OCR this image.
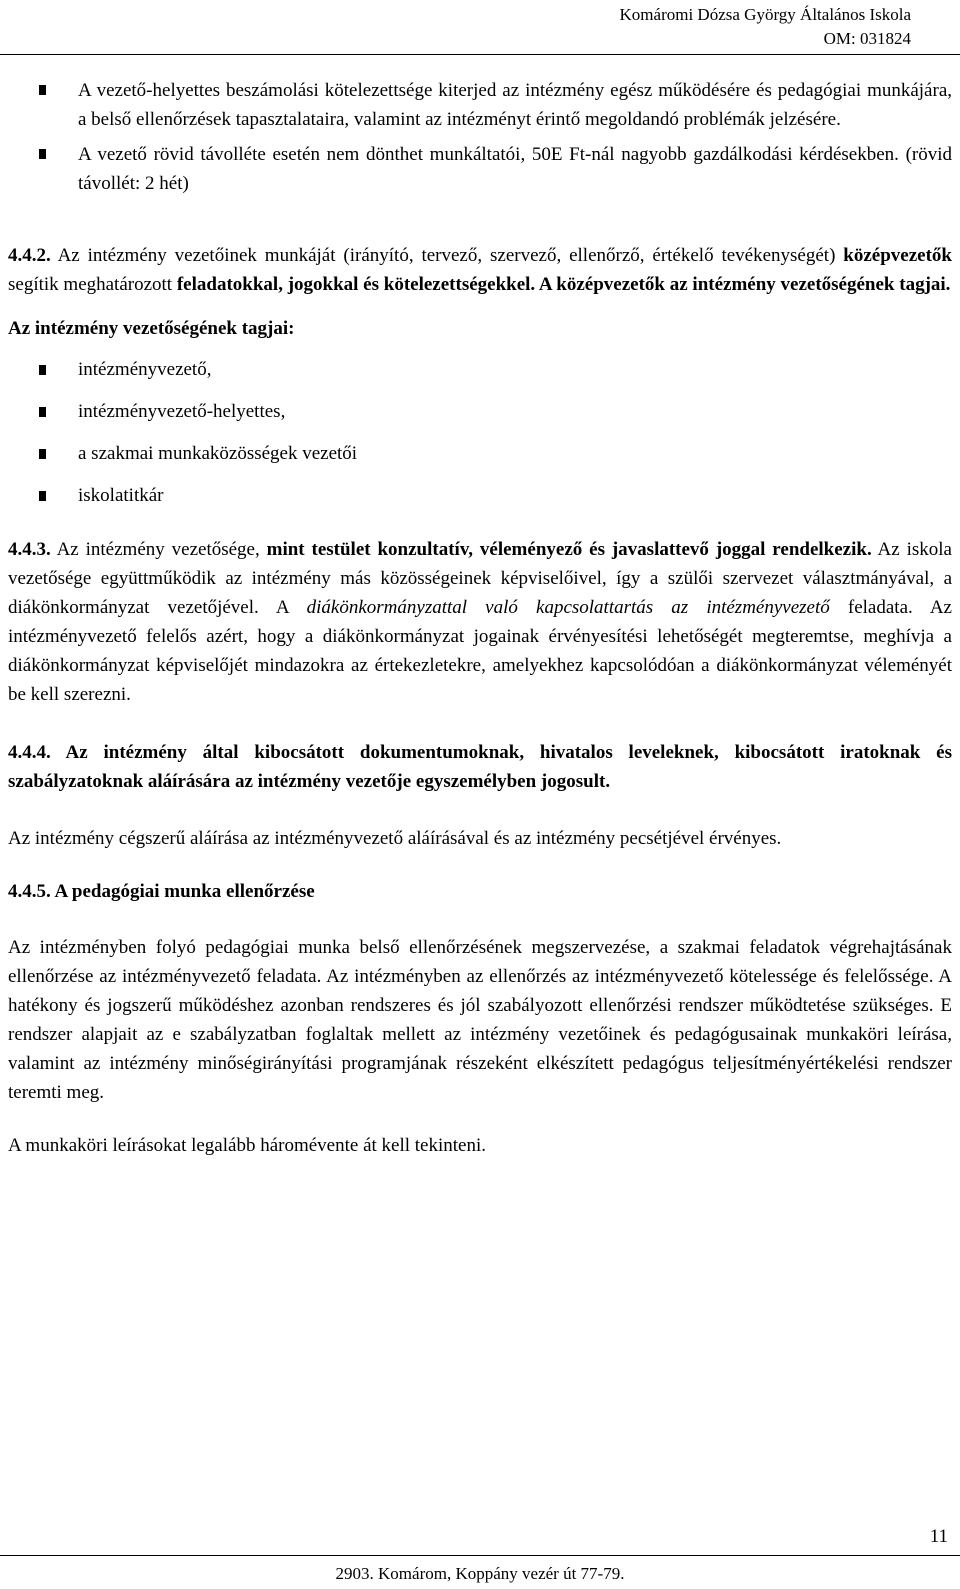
Komáromi Dózsa György Általános Iskola
OM: 031824
A vezető-helyettes beszámolási kötelezettsége kiterjed az intézmény egész működésére és pedagógiai munkájára, a belső ellenőrzések tapasztalataira, valamint az intézményt érintő megoldandó problémák jelzésére.
A vezető rövid távolléte esetén nem dönthet munkáltatói, 50E Ft-nál nagyobb gazdálkodási kérdésekben. (rövid távollét: 2 hét)

4.4.2. Az intézmény vezetőinek munkáját (irányító, tervező, szervező, ellenőrző, értékelő tevékenységét) középvezetők segítik meghatározott feladatokkal, jogokkal és kötelezettségekkel. A középvezetők az intézmény vezetőségének tagjai.

Az intézmény vezetőségének tagjai:

intézményvezető,
intézményvezető-helyettes,
a szakmai munkaközösségek vezetői
iskolatitkár

4.4.3. Az intézmény vezetősége, mint testület konzultatív, véleményező és javaslattevő joggal rendelkezik. Az iskola vezetősége együttműködik az intézmény más közösségeinek képviselőivel, így a szülői szervezet választmányával, a diákönkormányzat vezetőjével. A diákönkormányzattal való kapcsolattartás az intézményvezető feladata. Az intézményvezető felelős azért, hogy a diákönkormányzat jogainak érvényesítési lehetőségét megteremtse, meghívja a diákönkormányzat képviselőjét mindazokra az értekezletekre, amelyekhez kapcsolódóan a diákönkormányzat véleményét be kell szerezni.

4.4.4. Az intézmény által kibocsátott dokumentumoknak, hivatalos leveleknek, kibocsátott iratoknak és szabályzatoknak aláírására az intézmény vezetője egyszemélyben jogosult.

Az intézmény cégszerű aláírása az intézményvezető aláírásával és az intézmény pecsétjével érvényes.

4.4.5. A pedagógiai munka ellenőrzése

Az intézményben folyó pedagógiai munka belső ellenőrzésének megszervezése, a szakmai feladatok végrehajtásának ellenőrzése az intézményvezető feladata. Az intézményben az ellenőrzés az intézményvezető kötelessége és felelőssége. A hatékony és jogszerű működéshez azonban rendszeres és jól szabályozott ellenőrzési rendszer működtetése szükséges. E rendszer alapjait az e szabályzatban foglaltak mellett az intézmény vezetőinek és pedagógusainak munkaköri leírása, valamint az intézmény minőségirányítási programjának részeként elkészített pedagógus teljesítményértékelési rendszer teremti meg.

A munkaköri leírásokat legalább háromévente át kell tekinteni.

11
2903. Komárom, Koppány vezér út 77-79.
